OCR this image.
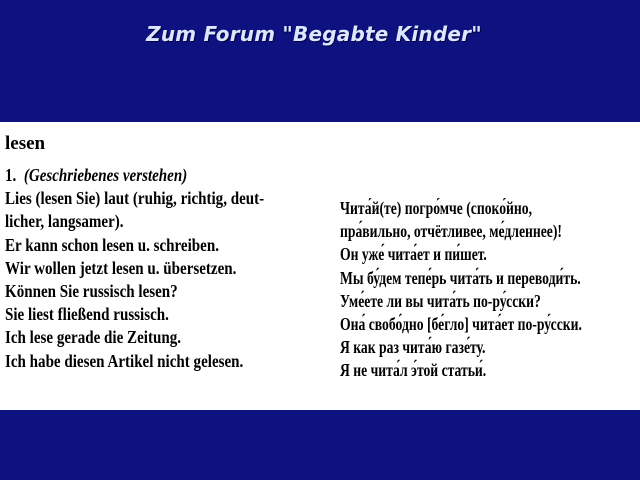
Zum Forum "Begabte Kinder"
lesen
1. (Geschriebenes verstehen)
Lies (lesen Sie) laut (ruhig, richtig, deut-
licher, langsamer).
Er kann schon lesen u. schreiben.
Wir wollen jetzt lesen u. übersetzen.
Können Sie russisch lesen?
Sie liest fließend russisch.
Ich lese gerade die Zeitung.
Ich habe diesen Artikel nicht gelesen.
Чита́й(те) погро́мче (споко́йно,
пра́вильно, отчётливее, ме́дленнее)!
Он уже́ чита́ет и пи́шет.
Мы бу́дем тепе́рь чита́ть и переводи́ть.
Уме́ете ли вы чита́ть по-ру́сски?
Она́ свобо́дно [бе́гло] чита́ет по-ру́сски.
Я как раз чита́ю газе́ту.
Я не чита́л э́той статьи́.
